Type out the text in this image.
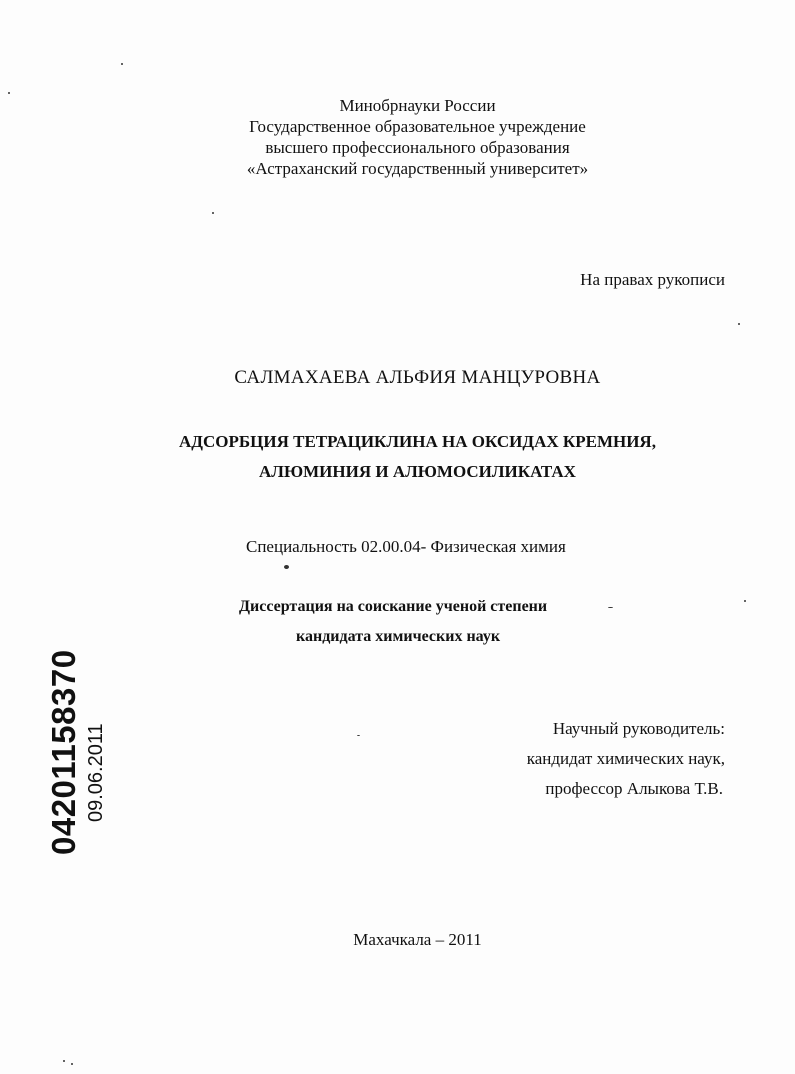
Минобрнауки России
Государственное образовательное учреждение
высшего профессионального образования
«Астраханский государственный университет»
На правах рукописи
САЛМАХАЕВА АЛЬФИЯ МАНЦУРОВНА
АДСОРБЦИЯ ТЕТРАЦИКЛИНА НА ОКСИДАХ КРЕМНИЯ,
АЛЮМИНИЯ И АЛЮМОСИЛИКАТАХ
Специальность 02.00.04- Физическая химия
Диссертация на соискание ученой степени
кандидата химических наук
Научный руководитель:
кандидат химических наук,
профессор Алыкова Т.В.
Махачкала – 2011
04201158370 09.06.2011
